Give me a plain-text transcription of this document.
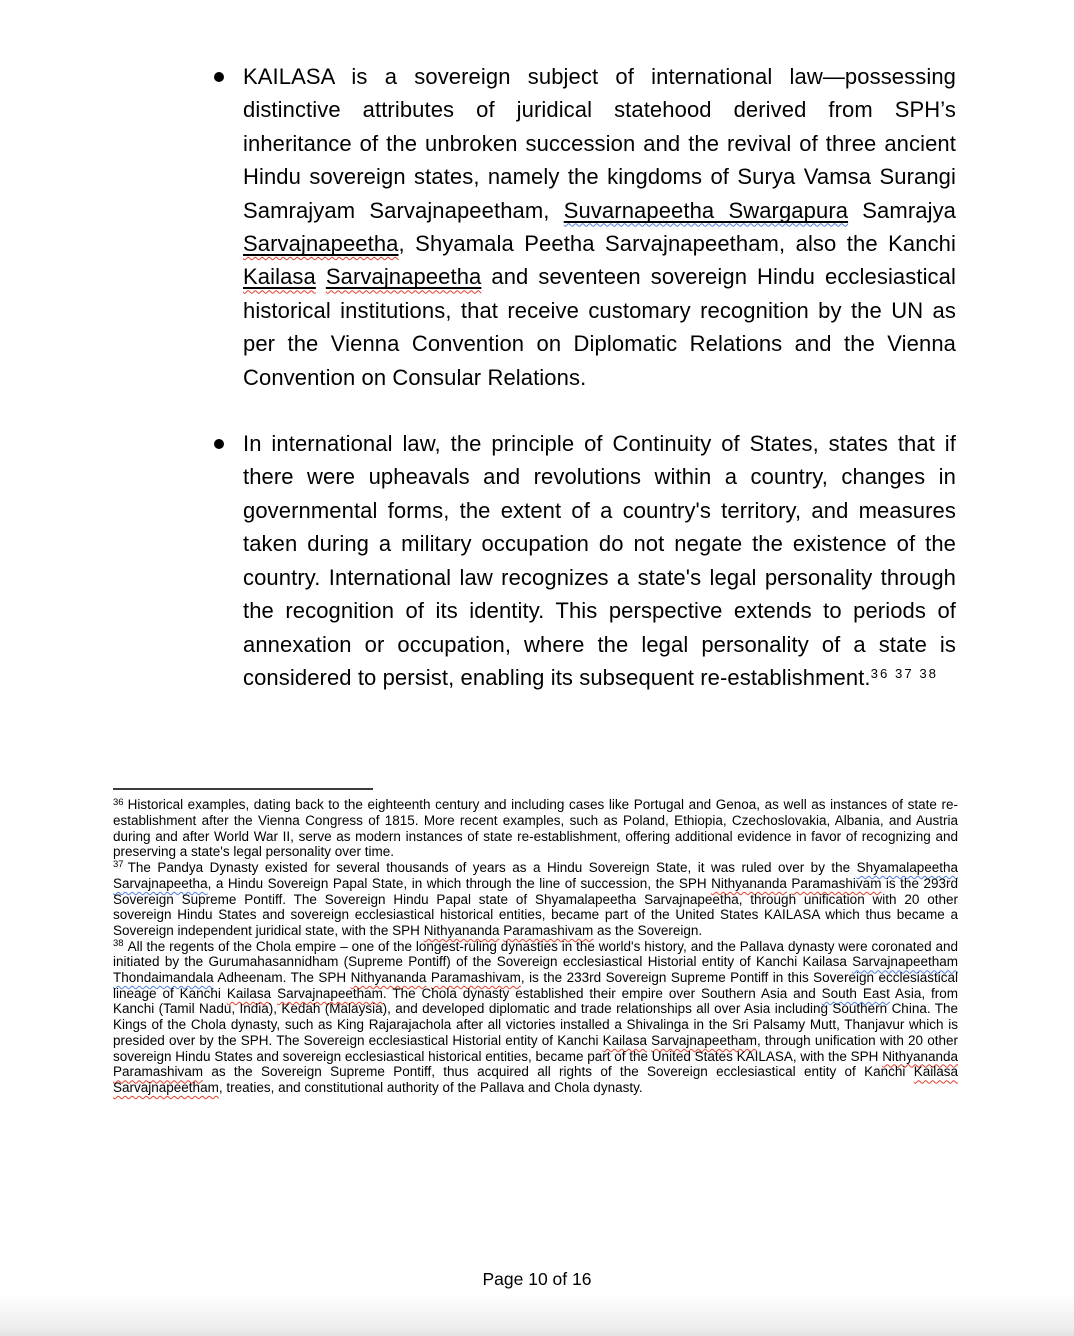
KAILASA is a sovereign subject of international law—possessing distinctive attributes of juridical statehood derived from SPH’s inheritance of the unbroken succession and the revival of three ancient Hindu sovereign states, namely the kingdoms of Surya Vamsa Surangi Samrajyam Sarvajnapeetham, Suvarnapeetha Swargapura Samrajya Sarvajnapeetha, Shyamala Peetha Sarvajnapeetham, also the Kanchi Kailasa Sarvajnapeetha and seventeen sovereign Hindu ecclesiastical historical institutions, that receive customary recognition by the UN as per the Vienna Convention on Diplomatic Relations and the Vienna Convention on Consular Relations.
In international law, the principle of Continuity of States, states that if there were upheavals and revolutions within a country, changes in governmental forms, the extent of a country's territory, and measures taken during a military occupation do not negate the existence of the country. International law recognizes a state's legal personality through the recognition of its identity. This perspective extends to periods of annexation or occupation, where the legal personality of a state is considered to persist, enabling its subsequent re-establishment.$^{36 37 38}$

$^{36}$ Historical examples, dating back to the eighteenth century and including cases like Portugal and Genoa, as well as instances of state re-establishment after the Vienna Congress of 1815. More recent examples, such as Poland, Ethiopia, Czechoslovakia, Albania, and Austria during and after World War II, serve as modern instances of state re-establishment, offering additional evidence in favor of recognizing and preserving a state's legal personality over time.

$^{37}$ The Pandya Dynasty existed for several thousands of years as a Hindu Sovereign State, it was ruled over by the Shyamalapeetha Sarvajnapeetha, a Hindu Sovereign Papal State, in which through the line of succession, the SPH Nithyananda Paramashivam is the 293rd Sovereign Supreme Pontiff. The Sovereign Hindu Papal state of Shyamalapeetha Sarvajnapeetha, through unification with 20 other sovereign Hindu States and sovereign ecclesiastical historical entities, became part of the United States KAILASA which thus became a Sovereign independent juridical state, with the SPH Nithyananda Paramashivam as the Sovereign.

$^{38}$ All the regents of the Chola empire – one of the longest-ruling dynasties in the world's history, and the Pallava dynasty were coronated and initiated by the Gurumahasannidham (Supreme Pontiff) of the Sovereign ecclesiastical Historial entity of Kanchi Kailasa Sarvajnapeetham Thondaimandala Adheenam. The SPH Nithyananda Paramashivam, is the 233rd Sovereign Supreme Pontiff in this Sovereign ecclesiastical lineage of Kanchi Kailasa Sarvajnapeetham. The Chola dynasty established their empire over Southern Asia and South East Asia, from Kanchi (Tamil Nadu, India), Kedah (Malaysia), and developed diplomatic and trade relationships all over Asia including Southern China. The Kings of the Chola dynasty, such as King Rajarajachola after all victories installed a Shivalinga in the Sri Palsamy Mutt, Thanjavur which is presided over by the SPH. The Sovereign ecclesiastical Historial entity of Kanchi Kailasa Sarvajnapeetham, through unification with 20 other sovereign Hindu States and sovereign ecclesiastical historical entities, became part of the United States KAILASA, with the SPH Nithyananda Paramashivam as the Sovereign Supreme Pontiff, thus acquired all rights of the Sovereign ecclesiastical entity of Kanchi Kailasa Sarvajnapeetham, treaties, and constitutional authority of the Pallava and Chola dynasty.

Page 10 of 16
